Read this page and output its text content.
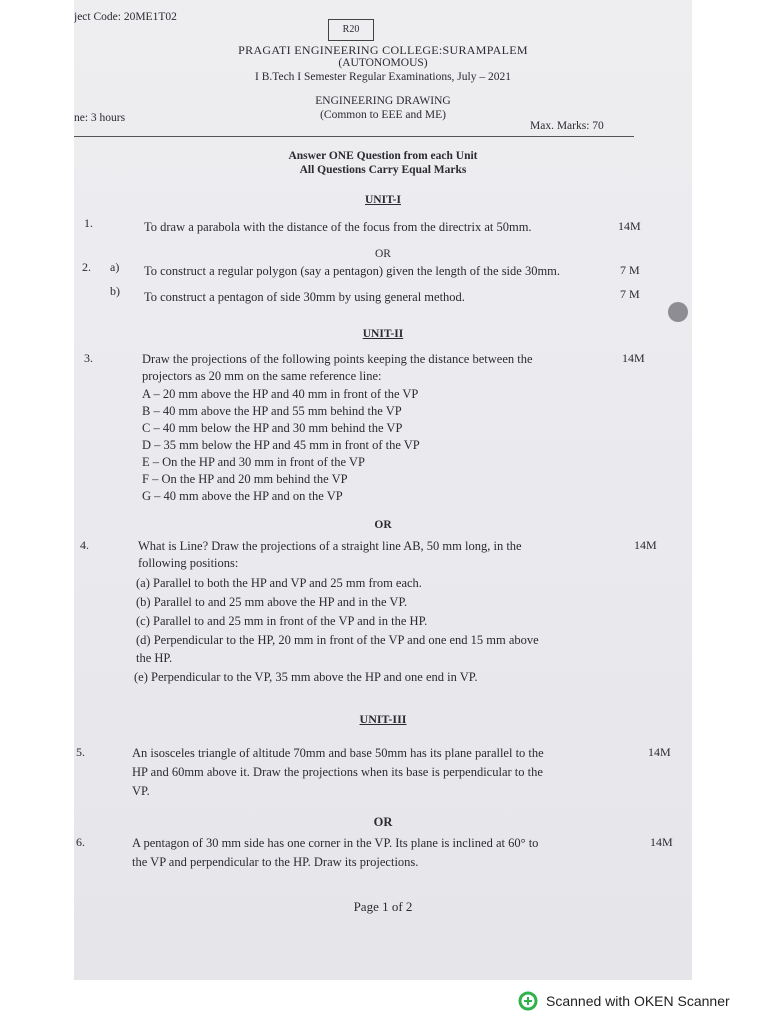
ject Code: 20ME1T02
R20
PRAGATI ENGINEERING COLLEGE:SURAMPALEM
(AUTONOMOUS)
I B.Tech I Semester Regular Examinations, July – 2021
ENGINEERING DRAWING
(Common to EEE and ME)
ne: 3 hours
Max. Marks: 70
Answer ONE Question from each Unit
All Questions Carry Equal Marks
UNIT-I
1.	To draw a parabola with the distance of the focus from the directrix at 50mm.	14M
OR
2. a) To construct a regular polygon (say a pentagon) given the length of the side 30mm.	7 M
b) To construct a pentagon of side 30mm by using general method.	7 M
UNIT-II
3.	Draw the projections of the following points keeping the distance between the	14M
projectors as 20 mm on the same reference line:
A – 20 mm above the HP and 40 mm in front of the VP
B – 40 mm above the HP and 55 mm behind the VP
C – 40 mm below the HP and 30 mm behind the VP
D – 35 mm below the HP and 45 mm in front of the VP
E – On the HP and 30 mm in front of the VP
F – On the HP and 20 mm behind the VP
G – 40 mm above the HP and on the VP
OR
4.	What is Line? Draw the projections of a straight line AB, 50 mm long, in the	14M
following positions:
(a) Parallel to both the HP and VP and 25 mm from each.
(b) Parallel to and 25 mm above the HP and in the VP.
(c) Parallel to and 25 mm in front of the VP and in the HP.
(d) Perpendicular to the HP, 20 mm in front of the VP and one end 15 mm above
the HP.
(e) Perpendicular to the VP, 35 mm above the HP and one end in VP.
UNIT-III
5.	An isosceles triangle of altitude 70mm and base 50mm has its plane parallel to the	14M
HP and 60mm above it. Draw the projections when its base is perpendicular to the
VP.
OR
6.	A pentagon of 30 mm side has one corner in the VP. Its plane is inclined at 60° to	14M
the VP and perpendicular to the HP. Draw its projections.
Page 1 of 2
Scanned with OKEN Scanner
